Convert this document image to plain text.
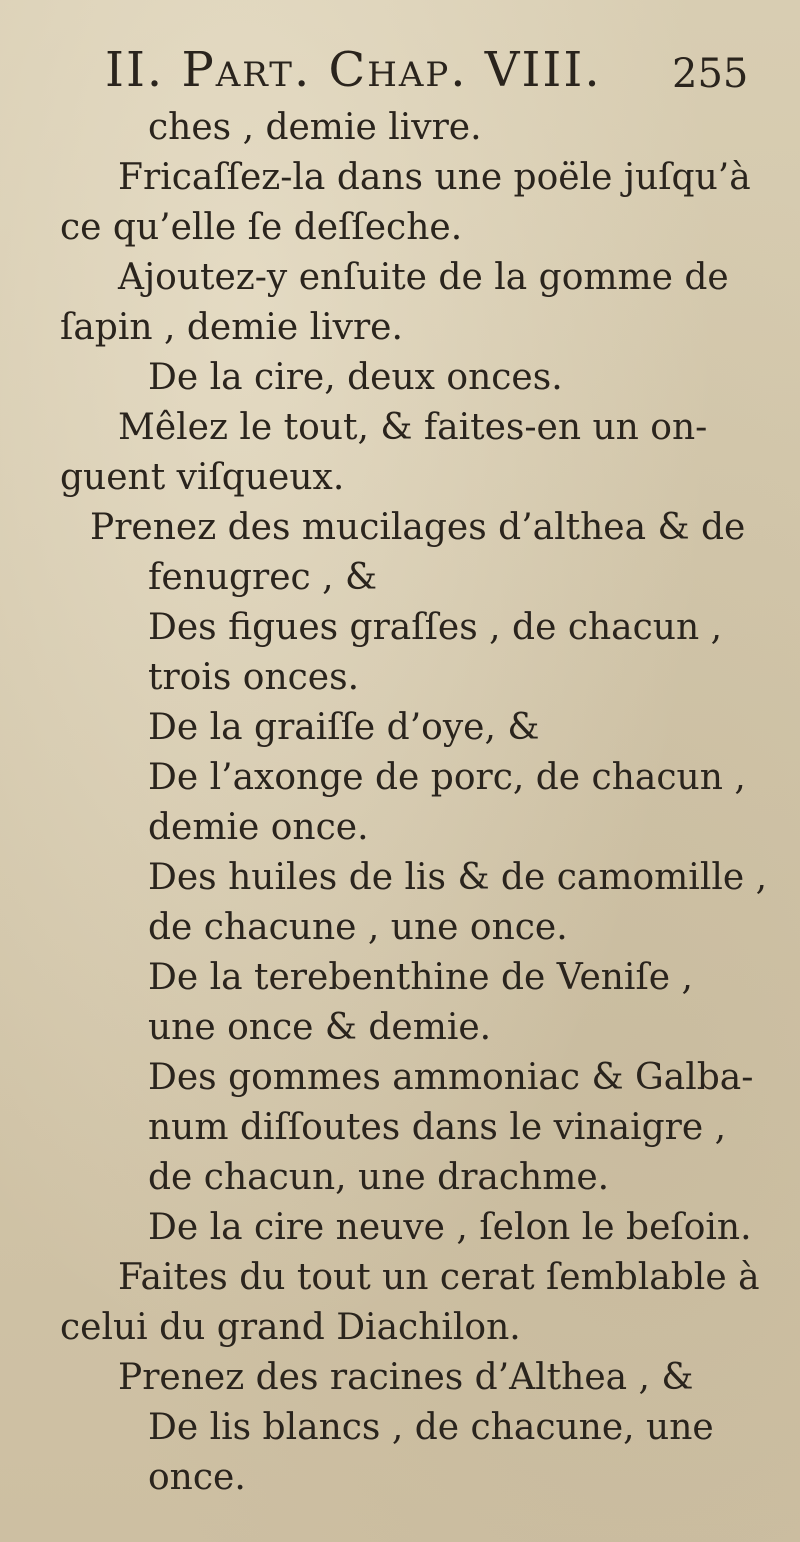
II. Part. Chap. VIII. 255
ches , demie livre.
Fricaſſez-la dans une poële juſqu’à
ce qu’elle ſe deſſeche.
Ajoutez-y enſuite de la gomme de
ſapin , demie livre.
De la cire, deux onces.
Mêlez le tout, & faites-en un on-
guent viſqueux.
Prenez des mucilages d’althea & de
fenugrec , &
Des figues graſſes , de chacun ,
trois onces.
De la graiſſe d’oye, &
De l’axonge de porc, de chacun ,
demie once.
Des huiles de lis & de camomille ,
de chacune , une once.
De la terebenthine de Veniſe ,
une once & demie.
Des gommes ammoniac & Galba-
num diſſoutes dans le vinaigre ,
de chacun, une drachme.
De la cire neuve , ſelon le beſoin.
Faites du tout un cerat ſemblable à
celui du grand Diachilon.
Prenez des racines d’Althea , &
De lis blancs , de chacune, une
once.
